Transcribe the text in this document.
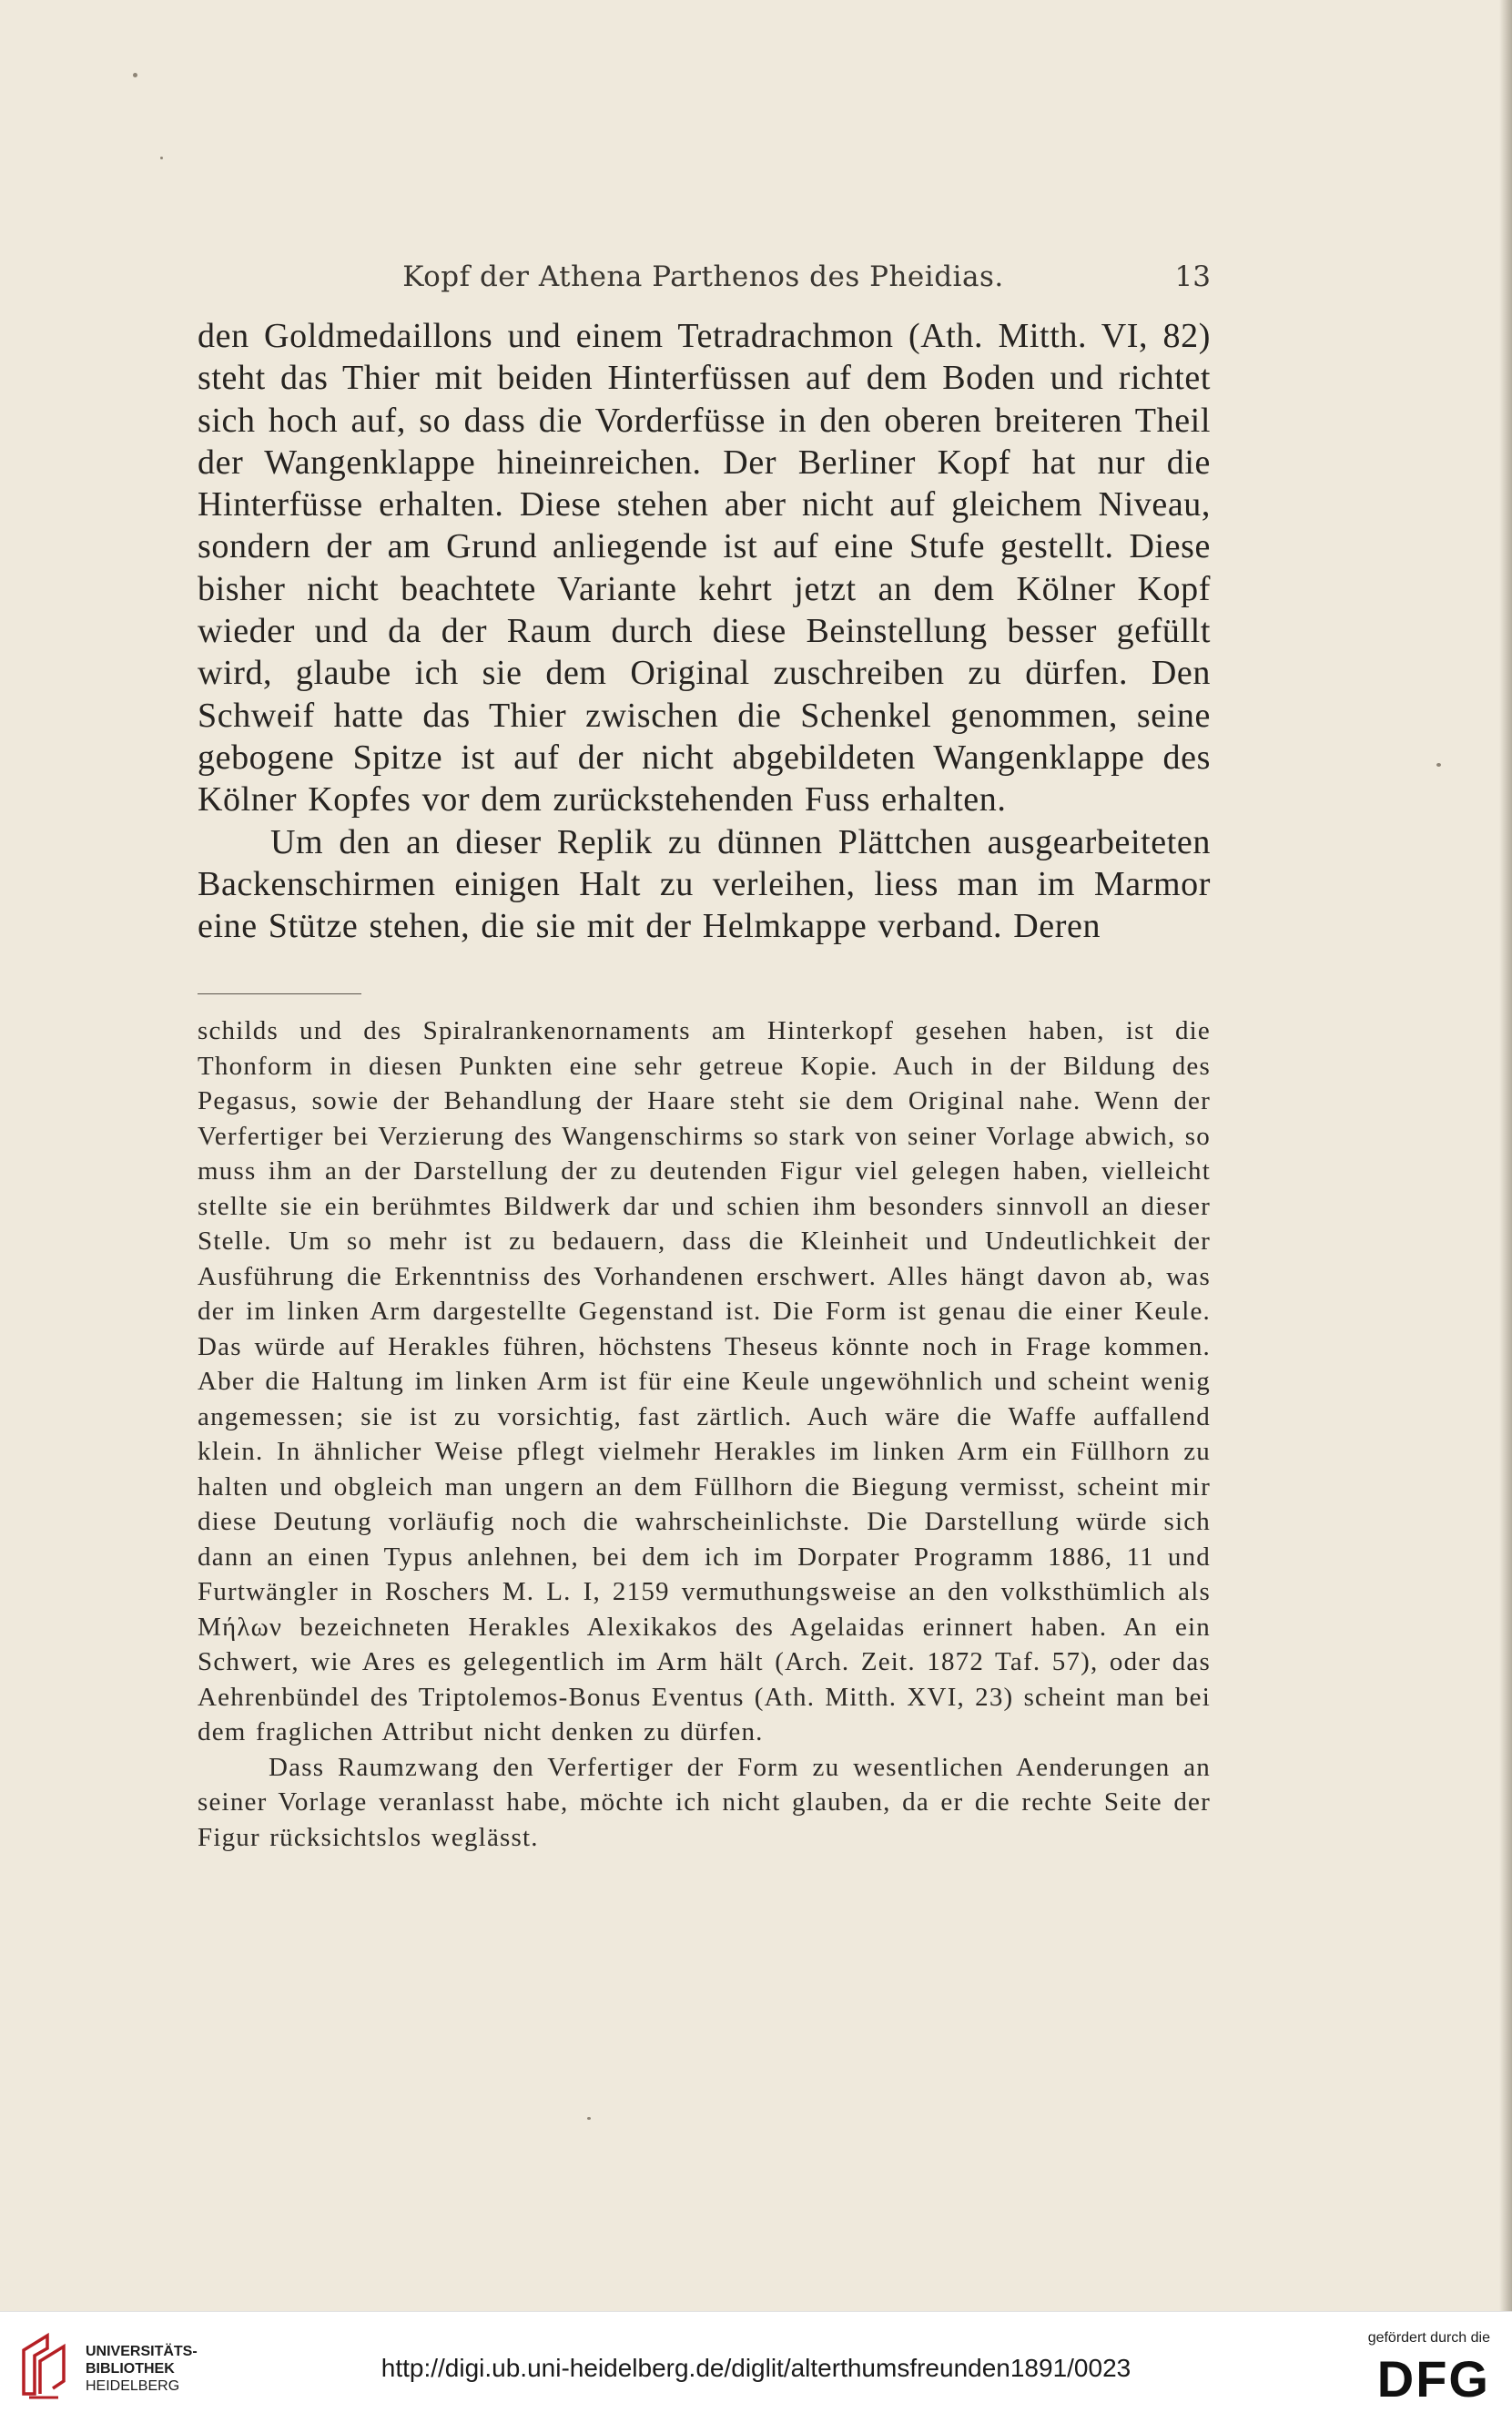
Kopf der Athena Parthenos des Pheidias.	13

den Goldmedaillons und einem Tetradrachmon (Ath. Mitth. VI, 82) steht das Thier mit beiden Hinterfüssen auf dem Boden und richtet sich hoch auf, so dass die Vorderfüsse in den oberen breiteren Theil der Wangenklappe hineinreichen. Der Berliner Kopf hat nur die Hinterfüsse erhalten. Diese stehen aber nicht auf gleichem Niveau, sondern der am Grund anliegende ist auf eine Stufe gestellt. Diese bisher nicht beachtete Variante kehrt jetzt an dem Kölner Kopf wieder und da der Raum durch diese Beinstellung besser gefüllt wird, glaube ich sie dem Original zuschreiben zu dürfen. Den Schweif hatte das Thier zwischen die Schenkel genommen, seine gebogene Spitze ist auf der nicht abgebildeten Wangenklappe des Kölner Kopfes vor dem zurückstehenden Fuss erhalten.

Um den an dieser Replik zu dünnen Plättchen ausgearbeiteten Backenschirmen einigen Halt zu verleihen, liess man im Marmor eine Stütze stehen, die sie mit der Helmkappe verband. Deren

schilds und des Spiralrankenornaments am Hinterkopf gesehen haben, ist die Thonform in diesen Punkten eine sehr getreue Kopie. Auch in der Bildung des Pegasus, sowie der Behandlung der Haare steht sie dem Original nahe. Wenn der Verfertiger bei Verzierung des Wangenschirms so stark von seiner Vorlage abwich, so muss ihm an der Darstellung der zu deutenden Figur viel gelegen haben, vielleicht stellte sie ein berühmtes Bildwerk dar und schien ihm besonders sinnvoll an dieser Stelle. Um so mehr ist zu bedauern, dass die Kleinheit und Undeutlichkeit der Ausführung die Erkenntniss des Vorhandenen erschwert. Alles hängt davon ab, was der im linken Arm dargestellte Gegenstand ist. Die Form ist genau die einer Keule. Das würde auf Herakles führen, höchstens Theseus könnte noch in Frage kommen. Aber die Haltung im linken Arm ist für eine Keule ungewöhnlich und scheint wenig angemessen; sie ist zu vorsichtig, fast zärtlich. Auch wäre die Waffe auffallend klein. In ähnlicher Weise pflegt vielmehr Herakles im linken Arm ein Füllhorn zu halten und obgleich man ungern an dem Füllhorn die Biegung vermisst, scheint mir diese Deutung vorläufig noch die wahrscheinlichste. Die Darstellung würde sich dann an einen Typus anlehnen, bei dem ich im Dorpater Programm 1886, 11 und Furtwängler in Roschers M. L. I, 2159 vermuthungsweise an den volksthümlich als Μήλων bezeichneten Herakles Alexikakos des Agelaidas erinnert haben. An ein Schwert, wie Ares es gelegentlich im Arm hält (Arch. Zeit. 1872 Taf. 57), oder das Aehrenbündel des Triptolemos-Bonus Eventus (Ath. Mitth. XVI, 23) scheint man bei dem fraglichen Attribut nicht denken zu dürfen.

Dass Raumzwang den Verfertiger der Form zu wesentlichen Aenderungen an seiner Vorlage veranlasst habe, möchte ich nicht glauben, da er die rechte Seite der Figur rücksichtslos weglässt.

UNIVERSITÄTS-
BIBLIOTHEK
HEIDELBERG
http://digi.ub.uni-heidelberg.de/diglit/alterthumsfreunden1891/0023
gefördert durch die
DFG
